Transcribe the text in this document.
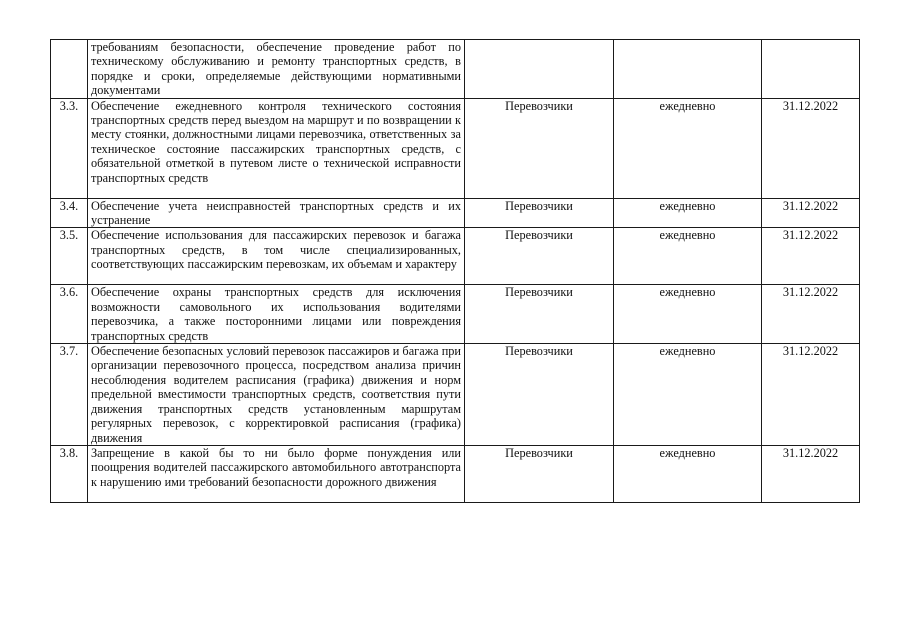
	требованиям безопасности, обеспечение проведение работ по техническому обслуживанию и ремонту транспортных средств, в порядке и сроки, определяемые действующими нормативными документами			
3.3.	Обеспечение ежедневного контроля технического состояния транспортных средств перед выездом на маршрут и по возвращении к месту стоянки, должностными лицами перевозчика, ответственных за техническое состояние пассажирских транспортных средств, с обязательной отметкой в путевом листе о технической исправности транспортных средств	Перевозчики	ежедневно	31.12.2022
3.4.	Обеспечение учета неисправностей транспортных средств и их устранение	Перевозчики	ежедневно	31.12.2022
3.5.	Обеспечение использования для пассажирских перевозок и багажа транспортных средств, в том числе специализированных, соответствующих пассажирским перевозкам, их объемам и характеру	Перевозчики	ежедневно	31.12.2022
3.6.	Обеспечение охраны транспортных средств для исключения возможности самовольного их использования водителями перевозчика, а также посторонними лицами или повреждения транспортных средств	Перевозчики	ежедневно	31.12.2022
3.7.	Обеспечение безопасных условий перевозок пассажиров и багажа при организации перевозочного процесса, посредством анализа причин несоблюдения водителем расписания (графика) движения и норм предельной вместимости транспортных средств, соответствия пути движения транспортных средств установленным маршрутам регулярных перевозок, с корректировкой расписания (графика) движения	Перевозчики	ежедневно	31.12.2022
3.8.	Запрещение в какой бы то ни было форме понуждения или поощрения водителей пассажирского автомобильного автотранспорта к нарушению ими требований безопасности дорожного движения	Перевозчики	ежедневно	31.12.2022
